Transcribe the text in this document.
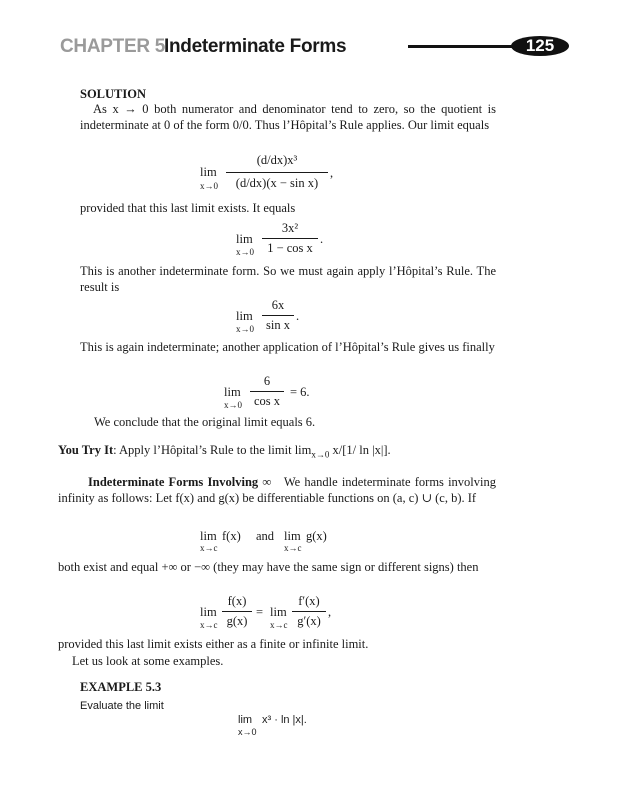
CHAPTER 5 Indeterminate Forms	125
SOLUTION
As x → 0 both numerator and denominator tend to zero, so the quotient is indeterminate at 0 of the form 0/0. Thus l’Hôpital’s Rule applies. Our limit equals
lim
x→0
(d/dx)x³
(d/dx)(x − sin x)
,
provided that this last limit exists. It equals
lim
x→0
3x²
1 − cos x
.
This is another indeterminate form. So we must again apply l’Hôpital’s Rule. The result is
lim
x→0
6x
sin x
.
This is again indeterminate; another application of l’Hôpital’s Rule gives us finally
lim
x→0
6
cos x
= 6.
We conclude that the original limit equals 6.
You Try It: Apply l’Hôpital’s Rule to the limit $\lim_{x\to 0} x/[1/$ ln |x|].
Indeterminate Forms Involving ∞ We handle indeterminate forms involving infinity as follows: Let f(x) and g(x) be differentiable functions on (a, c) ∪ (c, b). If
lim
x→c
f(x) and lim
x→c
g(x)
both exist and equal +∞ or −∞ (they may have the same sign or different signs) then
lim
x→c
f(x)
g(x)
= lim
x→c
f′(x)
g′(x)
,
provided this last limit exists either as a finite or infinite limit.
Let us look at some examples.
EXAMPLE 5.3
Evaluate the limit
lim
x→0
x³ · ln |x|.
